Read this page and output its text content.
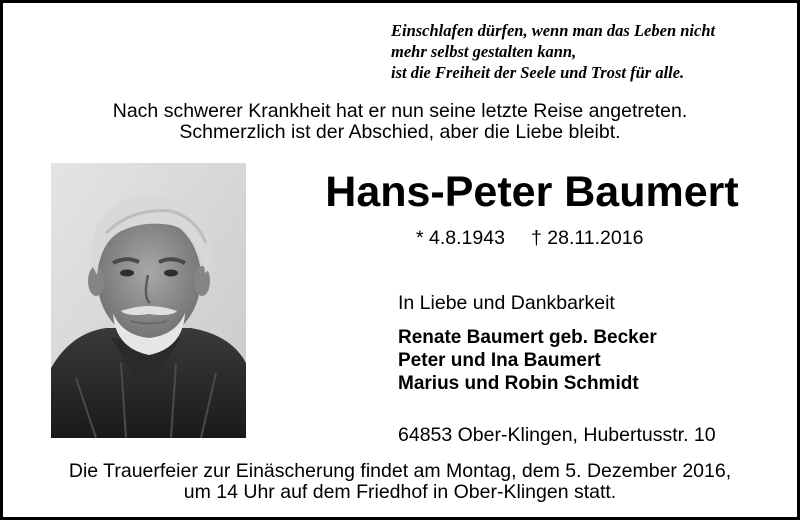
Einschlafen dürfen, wenn man das Leben nicht
mehr selbst gestalten kann,
ist die Freiheit der Seele und Trost für alle.
Nach schwerer Krankheit hat er nun seine letzte Reise angetreten.
Schmerzlich ist der Abschied, aber die Liebe bleibt.
Hans-Peter Baumert
* 4.8.1943 † 28.11.2016
In Liebe und Dankbarkeit
Renate Baumert geb. Becker
Peter und Ina Baumert
Marius und Robin Schmidt
64853 Ober-Klingen, Hubertusstr. 10
Die Trauerfeier zur Einäscherung findet am Montag, dem 5. Dezember 2016,
um 14 Uhr auf dem Friedhof in Ober-Klingen statt.
